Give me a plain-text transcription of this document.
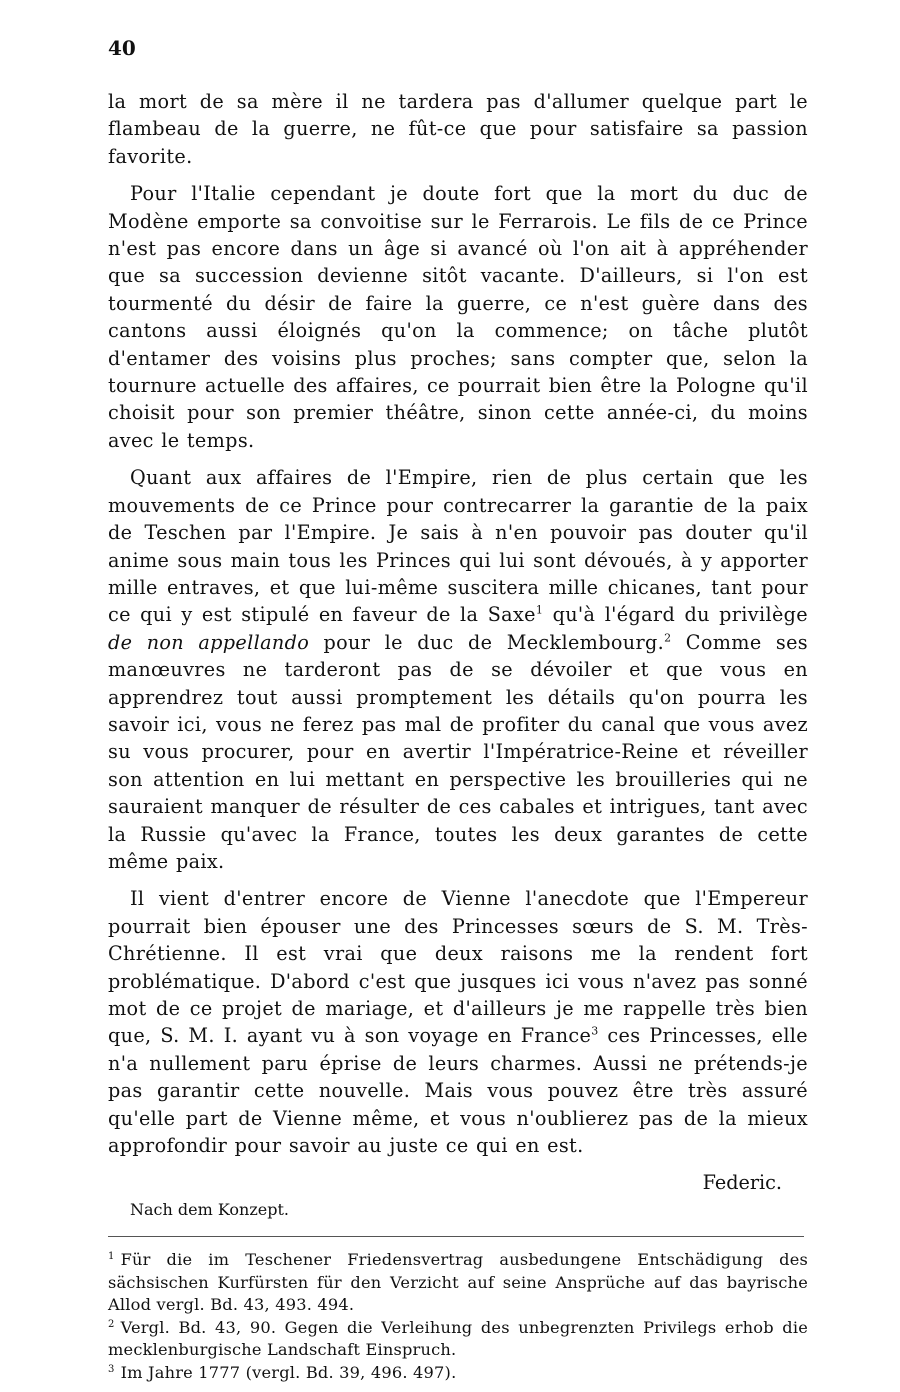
40

la mort de sa mère il ne tardera pas d'allumer quelque part le flambeau de la guerre, ne fût-ce que pour satisfaire sa passion favorite.

Pour l'Italie cependant je doute fort que la mort du duc de Modène emporte sa convoitise sur le Ferrarois. Le fils de ce Prince n'est pas encore dans un âge si avancé où l'on ait à appréhender que sa succession devienne sitôt vacante. D'ailleurs, si l'on est tourmenté du désir de faire la guerre, ce n'est guère dans des cantons aussi éloignés qu'on la commence; on tâche plutôt d'entamer des voisins plus proches; sans compter que, selon la tournure actuelle des affaires, ce pourrait bien être la Pologne qu'il choisit pour son premier théâtre, sinon cette année-ci, du moins avec le temps.

Quant aux affaires de l'Empire, rien de plus certain que les mouvements de ce Prince pour contrecarrer la garantie de la paix de Teschen par l'Empire. Je sais à n'en pouvoir pas douter qu'il anime sous main tous les Princes qui lui sont dévoués, à y apporter mille entraves, et que lui-même suscitera mille chicanes, tant pour ce qui y est stipulé en faveur de la Saxe$^1$ qu'à l'égard du privilège de non appellando pour le duc de Mecklembourg.$^2$ Comme ses manœuvres ne tarderont pas de se dévoiler et que vous en apprendrez tout aussi promptement les détails qu'on pourra les savoir ici, vous ne ferez pas mal de profiter du canal que vous avez su vous procurer, pour en avertir l'Impératrice-Reine et réveiller son attention en lui mettant en perspective les brouilleries qui ne sauraient manquer de résulter de ces cabales et intrigues, tant avec la Russie qu'avec la France, toutes les deux garantes de cette même paix.

Il vient d'entrer encore de Vienne l'anecdote que l'Empereur pourrait bien épouser une des Princesses sœurs de S. M. Très-Chrétienne. Il est vrai que deux raisons me la rendent fort problématique. D'abord c'est que jusques ici vous n'avez pas sonné mot de ce projet de mariage, et d'ailleurs je me rappelle très bien que, S. M. I. ayant vu à son voyage en France$^3$ ces Princesses, elle n'a nullement paru éprise de leurs charmes. Aussi ne prétends-je pas garantir cette nouvelle. Mais vous pouvez être très assuré qu'elle part de Vienne même, et vous n'oublierez pas de la mieux approfondir pour savoir au juste ce qui en est.

Federic.
Nach dem Konzept.
$^1$ Für die im Teschener Friedensvertrag ausbedungene Entschädigung des sächsischen Kurfürsten für den Verzicht auf seine Ansprüche auf das bayrische Allod vergl. Bd. 43, 493. 494.
$^2$ Vergl. Bd. 43, 90. Gegen die Verleihung des unbegrenzten Privilegs erhob die mecklenburgische Landschaft Einspruch.
$^3$ Im Jahre 1777 (vergl. Bd. 39, 496. 497).
